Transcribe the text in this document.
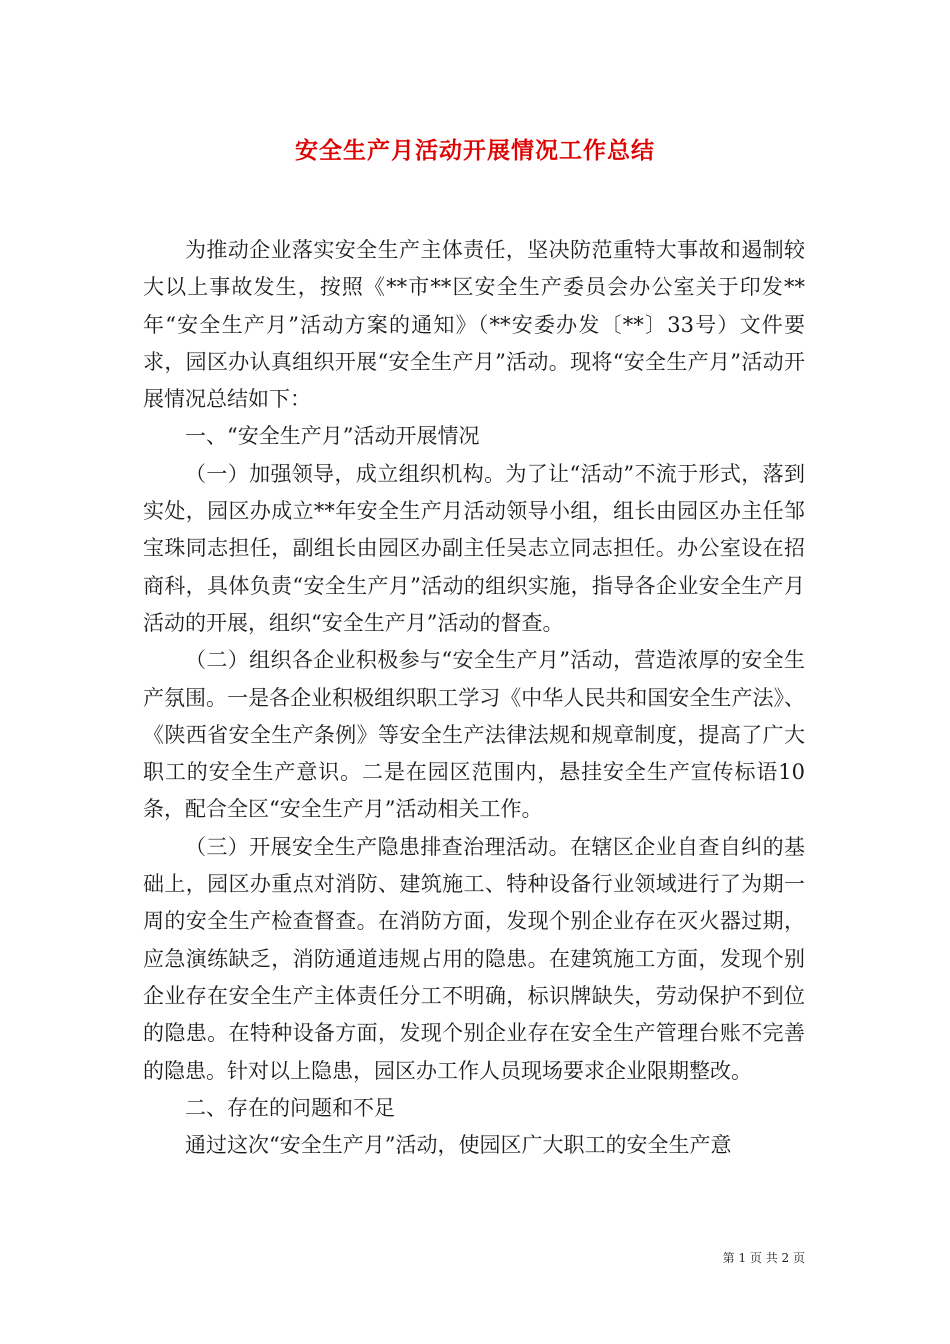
安全生产月活动开展情况工作总结

为推动企业落实安全生产主体责任，坚决防范重特大事故和遏制较大以上事故发生，按照《**市**区安全生产委员会办公室关于印发**年“安全生产月”活动方案的通知》（**安委办发〔**〕33号）文件要求，园区办认真组织开展“安全生产月”活动。现将“安全生产月”活动开展情况总结如下：

一、“安全生产月”活动开展情况

（一）加强领导，成立组织机构。为了让“活动”不流于形式，落到实处，园区办成立**年安全生产月活动领导小组，组长由园区办主任邹宝珠同志担任，副组长由园区办副主任吴志立同志担任。办公室设在招商科，具体负责“安全生产月”活动的组织实施，指导各企业安全生产月活动的开展，组织“安全生产月”活动的督查。

（二）组织各企业积极参与“安全生产月”活动，营造浓厚的安全生产氛围。一是各企业积极组织职工学习《中华人民共和国安全生产法》、《陕西省安全生产条例》等安全生产法律法规和规章制度，提高了广大职工的安全生产意识。二是在园区范围内，悬挂安全生产宣传标语10条，配合全区“安全生产月”活动相关工作。

（三）开展安全生产隐患排查治理活动。在辖区企业自查自纠的基础上，园区办重点对消防、建筑施工、特种设备行业领域进行了为期一周的安全生产检查督查。在消防方面，发现个别企业存在灭火器过期，应急演练缺乏，消防通道违规占用的隐患。在建筑施工方面，发现个别企业存在安全生产主体责任分工不明确，标识牌缺失，劳动保护不到位的隐患。在特种设备方面，发现个别企业存在安全生产管理台账不完善的隐患。针对以上隐患，园区办工作人员现场要求企业限期整改。

二、存在的问题和不足

通过这次“安全生产月”活动，使园区广大职工的安全生产意

第 1 页 共 2 页
